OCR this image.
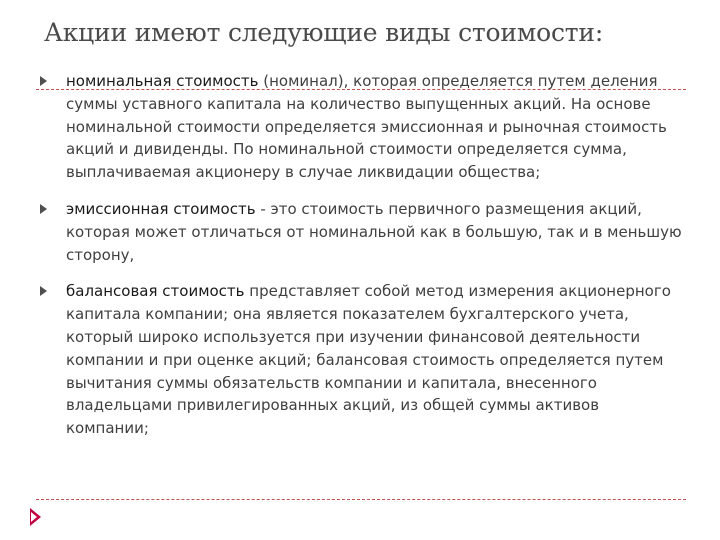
Акции имеют следующие виды стоимости:
номинальная стоимость (номинал), которая определяется путем деления суммы уставного капитала на количество выпущенных акций. На основе номинальной стоимости определяется эмиссионная и рыночная стоимость акций и дивиденды. По номинальной стоимости определяется сумма, выплачиваемая акционеру в случае ликвидации общества;
эмиссионная стоимость - это стоимость первичного размещения акций, которая может отличаться от номинальной как в большую, так и в меньшую сторону,
балансовая стоимость представляет собой метод измерения акционерного капитала компании; она является показателем бухгалтерского учета, который широко используется при изучении финансовой деятельности компании и при оценке акций; балансовая стоимость определяется путем вычитания суммы обязательств компании и капитала, внесенного владельцами привилегированных акций, из общей суммы активов компании;
